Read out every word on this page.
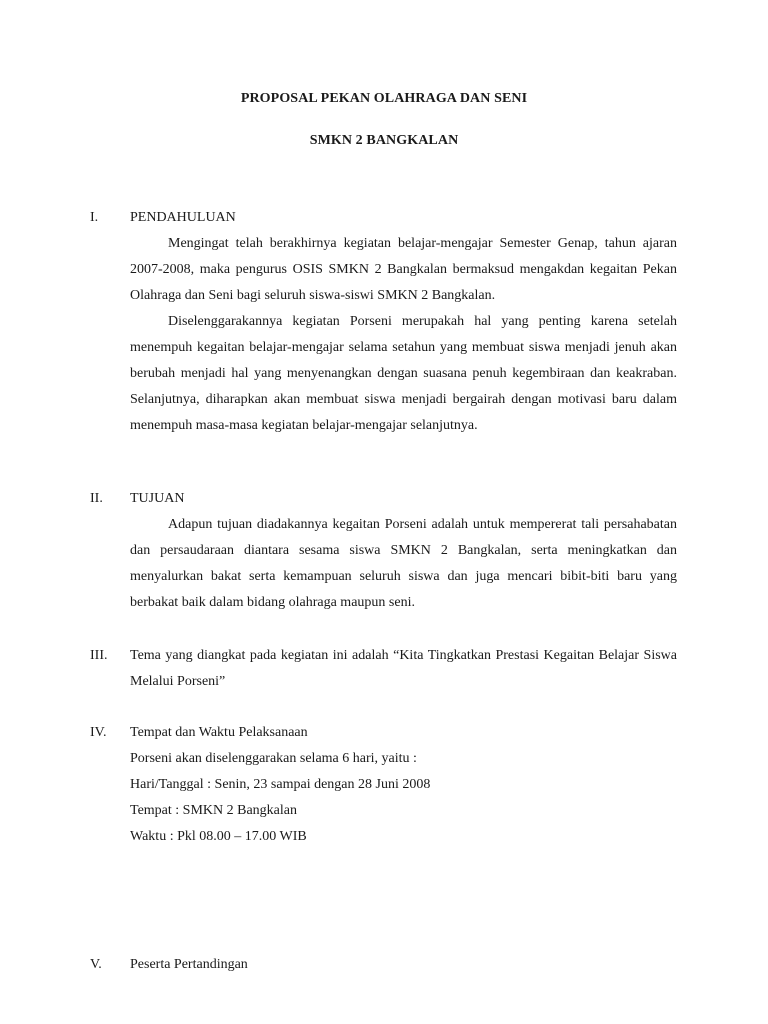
PROPOSAL PEKAN OLAHRAGA DAN SENI
SMKN 2 BANGKALAN
I. PENDAHULUAN

Mengingat telah berakhirnya kegiatan belajar-mengajar Semester Genap, tahun ajaran 2007-2008, maka pengurus OSIS SMKN 2 Bangkalan bermaksud mengakdan kegaitan Pekan Olahraga dan Seni bagi seluruh siswa-siswi SMKN 2 Bangkalan.

Diselenggarakannya kegiatan Porseni merupakah hal yang penting karena setelah menempuh kegaitan belajar-mengajar selama setahun yang membuat siswa menjadi jenuh akan berubah menjadi hal yang menyenangkan dengan suasana penuh kegembiraan dan keakraban. Selanjutnya, diharapkan akan membuat siswa menjadi bergairah dengan motivasi baru dalam menempuh masa-masa kegiatan belajar-mengajar selanjutnya.

II. TUJUAN

Adapun tujuan diadakannya kegaitan Porseni adalah untuk mempererat tali persahabatan dan persaudaraan diantara sesama siswa SMKN 2 Bangkalan, serta meningkatkan dan menyalurkan bakat serta kemampuan seluruh siswa dan juga mencari bibit-biti baru yang berbakat baik dalam bidang olahraga maupun seni.

III. Tema yang diangkat pada kegiatan ini adalah “Kita Tingkatkan Prestasi Kegaitan Belajar Siswa Melalui Porseni”

IV. Tempat dan Waktu Pelaksanaan

Porseni akan diselenggarakan selama 6 hari, yaitu :

Hari/Tanggal : Senin, 23 sampai dengan 28 Juni 2008

Tempat : SMKN 2 Bangkalan

Waktu : Pkl 08.00 – 17.00 WIB

V. Peserta Pertandingan
